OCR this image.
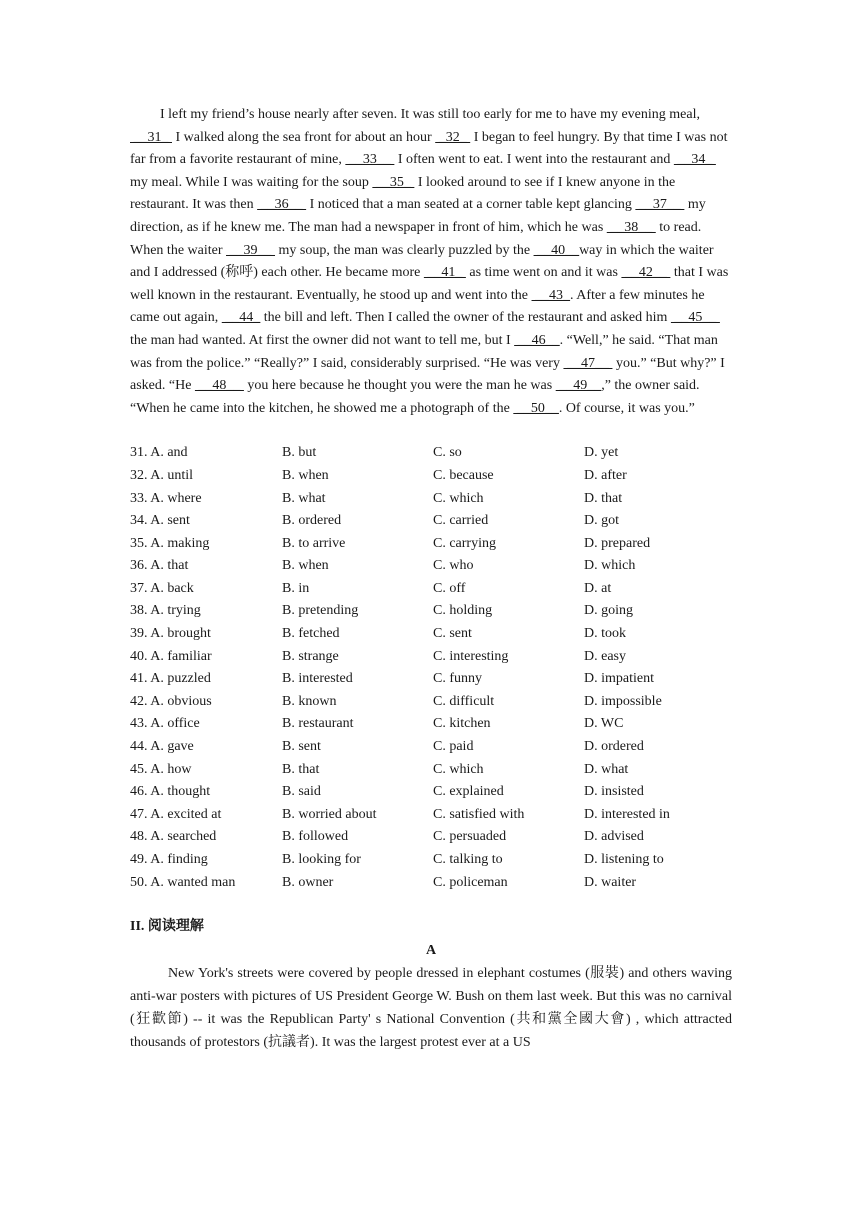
I left my friend’s house nearly after seven. It was still too early for me to have my evening meal,  __31_  I walked along the sea front for about an hour  _32_  I began to feel hungry. By that time I was not far from a favorite restaurant of mine,  __33__  I often went to eat. I went into the restaurant and  __34_  my meal. While I was waiting for the soup  __35_  I looked around to see if I knew anyone in the restaurant. It was then  __36__  I noticed that a man seated at a corner table kept glancing  __37__  my direction, as if he knew me. The man had a newspaper in front of him, which he was  __38__  to read. When the waiter  __39__  my soup, the man was clearly puzzled by the  __40__way in which the waiter and I addressed (称呼) each other. He became more  __41_  as time went on and it was  __42__  that I was well known in the restaurant. Eventually, he stood up and went into the  __43_. After a few minutes he came out again,  __44_ the bill and left. Then I called the owner of the restaurant and asked him  __45__  the man had wanted. At first the owner did not want to tell me, but I  __46__. “Well,” he said. “That man was from the police.” “Really?” I said, considerably surprised. “He was very  __47__  you.” “But why?” I asked. “He  __48__  you here because he thought you were the man he was  __49__,” the owner said. “When he came into the kitchen, he showed me a photograph of the  __50__. Of course, it was you.”

31. A. and	B. but	C. so	D. yet
32. A. until	B. when	C. because	D. after
33. A. where	B. what	C. which	D. that
34. A. sent	B. ordered	C. carried	D. got
35. A. making	B. to arrive	C. carrying	D. prepared
36. A. that	B. when	C. who	D. which
37. A. back	B. in	C. off	D. at
38. A. trying	B. pretending	C. holding	D. going
39. A. brought	B. fetched	C. sent	D. took
40. A. familiar	B. strange	C. interesting	D. easy
41. A. puzzled	B. interested	C. funny	D. impatient
42. A. obvious	B. known	C. difficult	D. impossible
43. A. office	B. restaurant	C. kitchen	D. WC
44. A. gave	B. sent	C. paid	D. ordered
45. A. how	B. that	C. which	D. what
46. A. thought	B. said	C. explained	D. insisted
47. A. excited at	B. worried about	C. satisfied with	D. interested in
48. A. searched	B. followed	C. persuaded	D. advised
49. A. finding	B. looking for	C. talking to	D. listening to
50. A. wanted man	B. owner	C. policeman	D. waiter
II. 阅读理解
A

New York's streets were covered by people dressed in elephant costumes (服裝) and others waving anti-war posters with pictures of US President George W. Bush on them last week. But this was no carnival (狂歡節) -- it was the Republican Party' s National Convention (共和黨全國大會) , which attracted thousands of protestors (抗議者). It was the largest protest ever at a US
